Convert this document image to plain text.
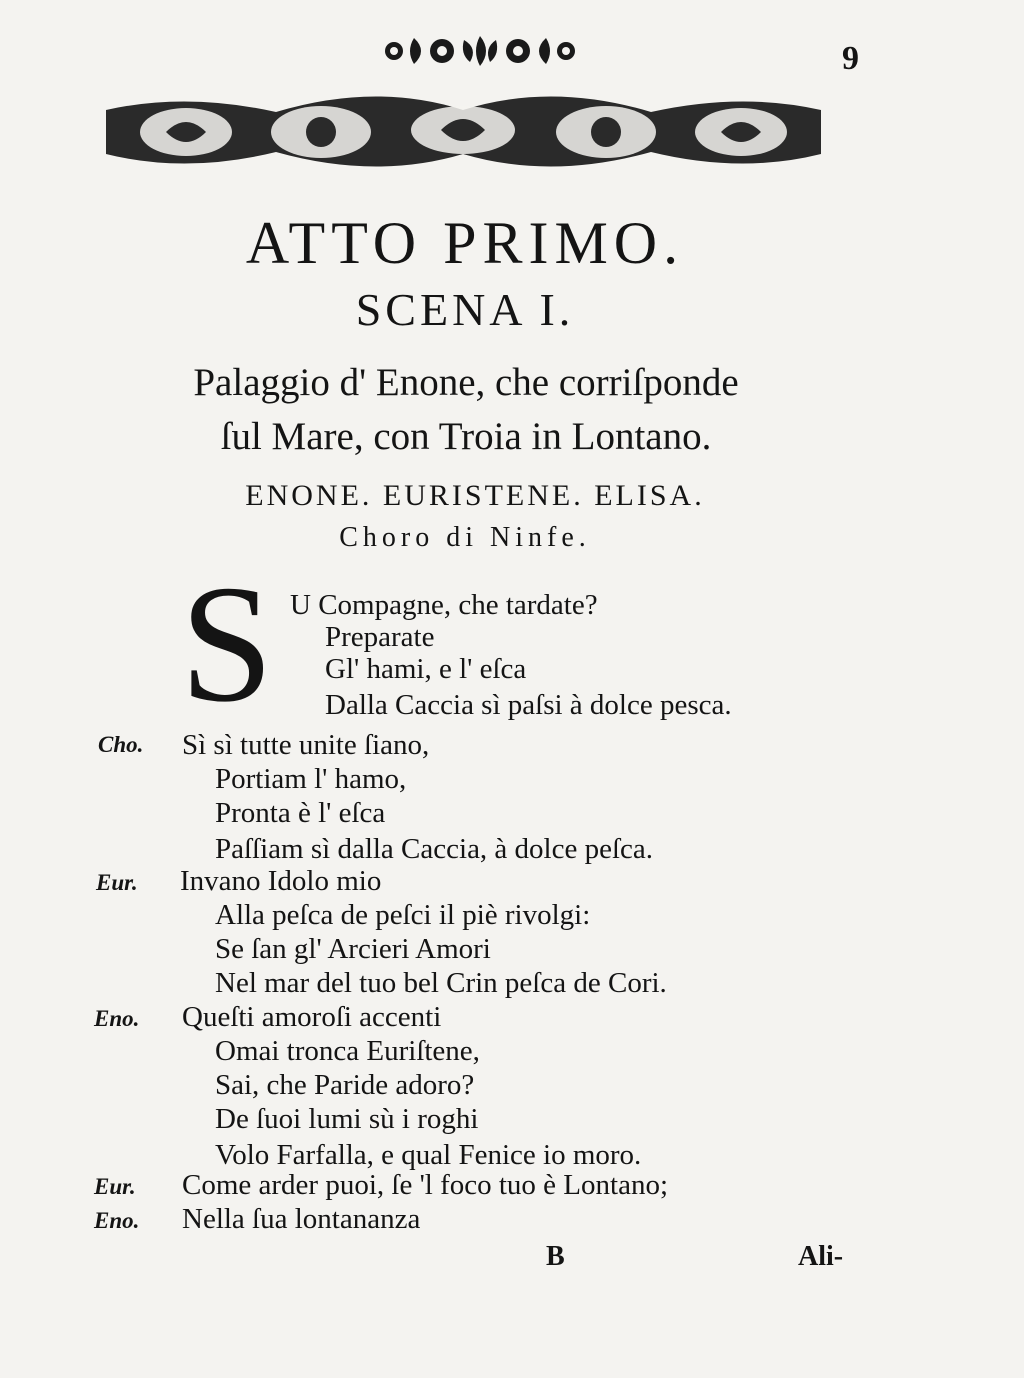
9
ATTO PRIMO.
SCENA I.
Palaggio d' Enone, che corriſponde
ſul Mare, con Troia in Lontano.
ENONE. EURISTENE. ELISA.
Choro di Ninfe.
S U Compagne, che tardate?
Preparate
Gl' hami, e l' eſca
Dalla Caccia sì paſsi à dolce pesca.
Cho. Sì sì tutte unite ſiano,
Portiam l' hamo,
Pronta è l' eſca
Paſſiam sì dalla Caccia, à dolce peſca.
Eur. Invano Idolo mio
Alla peſca de peſci il piè rivolgi:
Se ſan gl' Arcieri Amori
Nel mar del tuo bel Crin peſca de Cori.
Eno. Queſti amoroſi accenti
Omai tronca Euriſtene,
Sai, che Paride adoro?
De ſuoi lumi sù i roghi
Volo Farfalla, e qual Fenice io moro.
Eur. Come arder puoi, ſe 'l foco tuo è Lontano;
Eno. Nella ſua lontananza
B	Ali-
